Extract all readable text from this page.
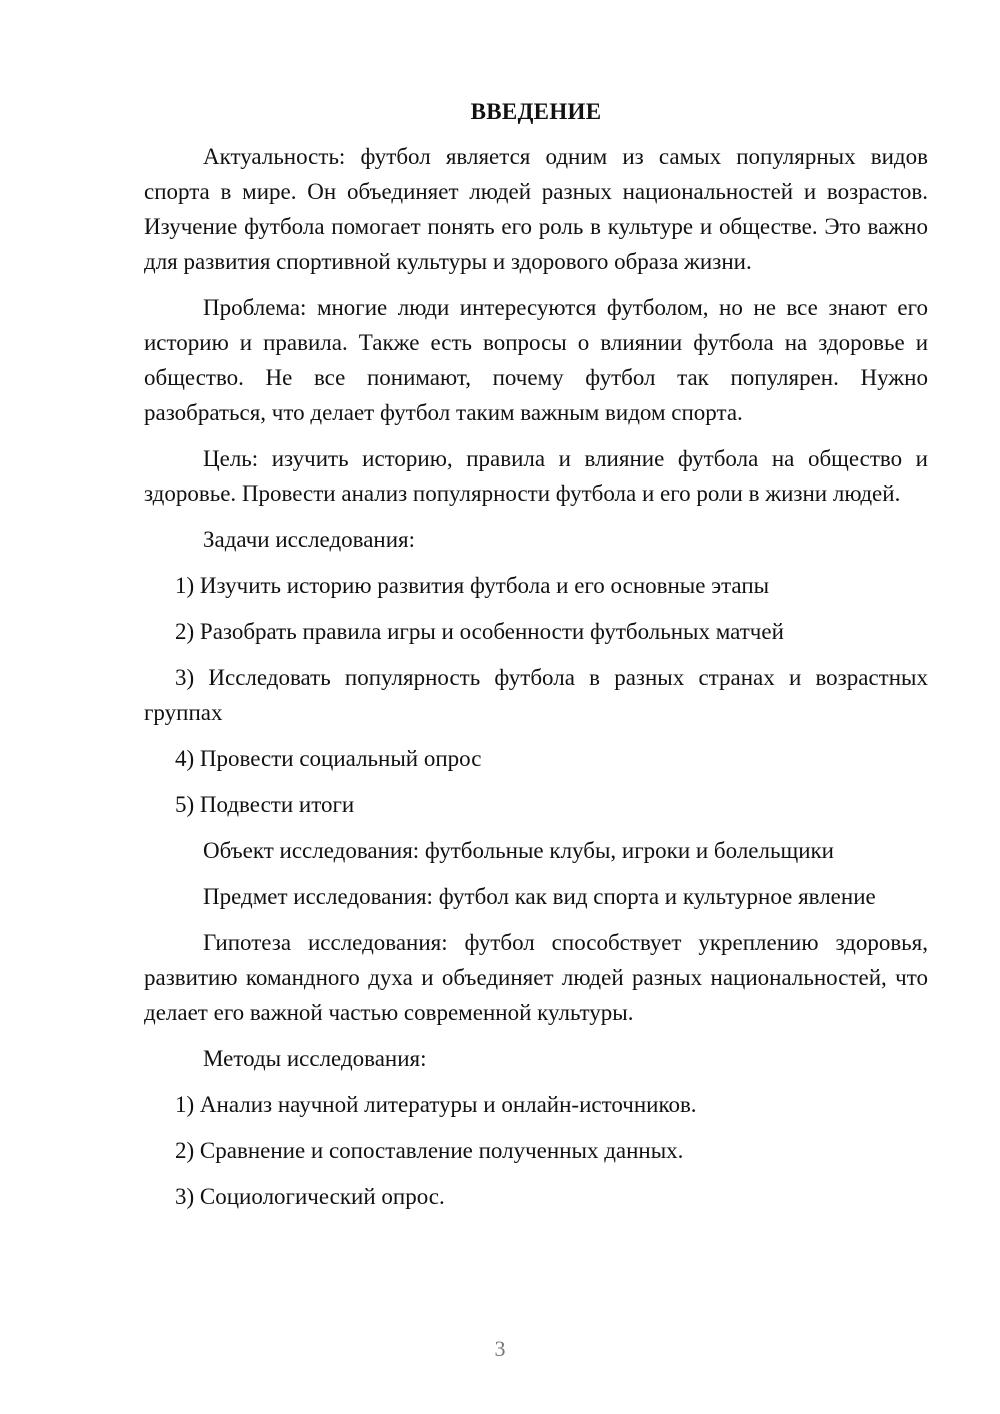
ВВЕДЕНИЕ

Актуальность: футбол является одним из самых популярных видов спорта в мире. Он объединяет людей разных национальностей и возрастов. Изучение футбола помогает понять его роль в культуре и обществе. Это важно для развития спортивной культуры и здорового образа жизни.

Проблема: многие люди интересуются футболом, но не все знают его историю и правила. Также есть вопросы о влиянии футбола на здоровье и общество. Не все понимают, почему футбол так популярен. Нужно разобраться, что делает футбол таким важным видом спорта.

Цель: изучить историю, правила и влияние футбола на общество и здоровье. Провести анализ популярности футбола и его роли в жизни людей.

Задачи исследования:

1) Изучить историю развития футбола и его основные этапы

2) Разобрать правила игры и особенности футбольных матчей

3) Исследовать популярность футбола в разных странах и возрастных группах

4) Провести социальный опрос

5) Подвести итоги

Объект исследования: футбольные клубы, игроки и болельщики

Предмет исследования: футбол как вид спорта и культурное явление

Гипотеза исследования: футбол способствует укреплению здоровья, развитию командного духа и объединяет людей разных национальностей, что делает его важной частью современной культуры.

Методы исследования:

1) Анализ научной литературы и онлайн-источников.

2) Сравнение и сопоставление полученных данных.

3) Социологический опрос.

3
